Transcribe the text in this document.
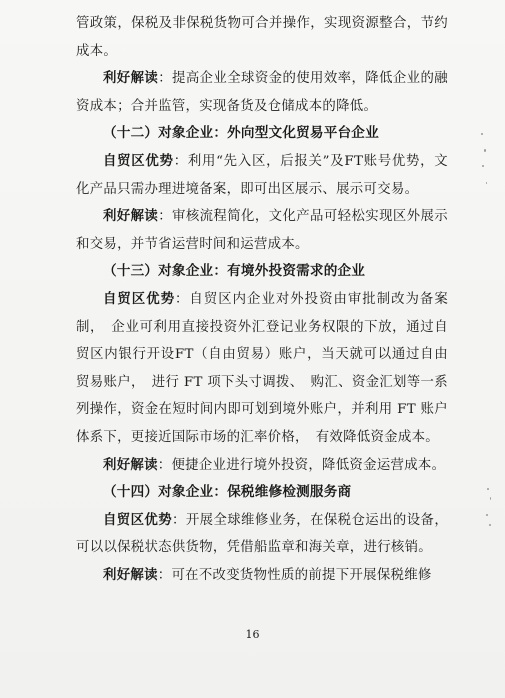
管政策，保税及非保税货物可合并操作，实现资源整合，节约成本。

利好解读：提高企业全球资金的使用效率，降低企业的融资成本；合并监管，实现备货及仓储成本的降低。

（十二）对象企业：外向型文化贸易平台企业

自贸区优势：利用“先入区，后报关”及FT账号优势，文化产品只需办理进境备案，即可出区展示、展示可交易。

利好解读：审核流程简化，文化产品可轻松实现区外展示和交易，并节省运营时间和运营成本。

（十三）对象企业：有境外投资需求的企业

自贸区优势：自贸区内企业对外投资由审批制改为备案制，　企业可利用直接投资外汇登记业务权限的下放，通过自贸区内银行开设FT（自由贸易）账户，当天就可以通过自由贸易账户，　进行 FT 项下头寸调拨、　购汇、资金汇划等一系列操作，资金在短时间内即可划到境外账户，并利用 FT 账户体系下，更接近国际市场的汇率价格，　有效降低资金成本。

利好解读：便捷企业进行境外投资，降低资金运营成本。

（十四）对象企业：保税维修检测服务商

自贸区优势：开展全球维修业务，在保税仓运出的设备，可以以保税状态供货物，凭借船监章和海关章，进行核销。

利好解读：可在不改变货物性质的前提下开展保税维修

16
